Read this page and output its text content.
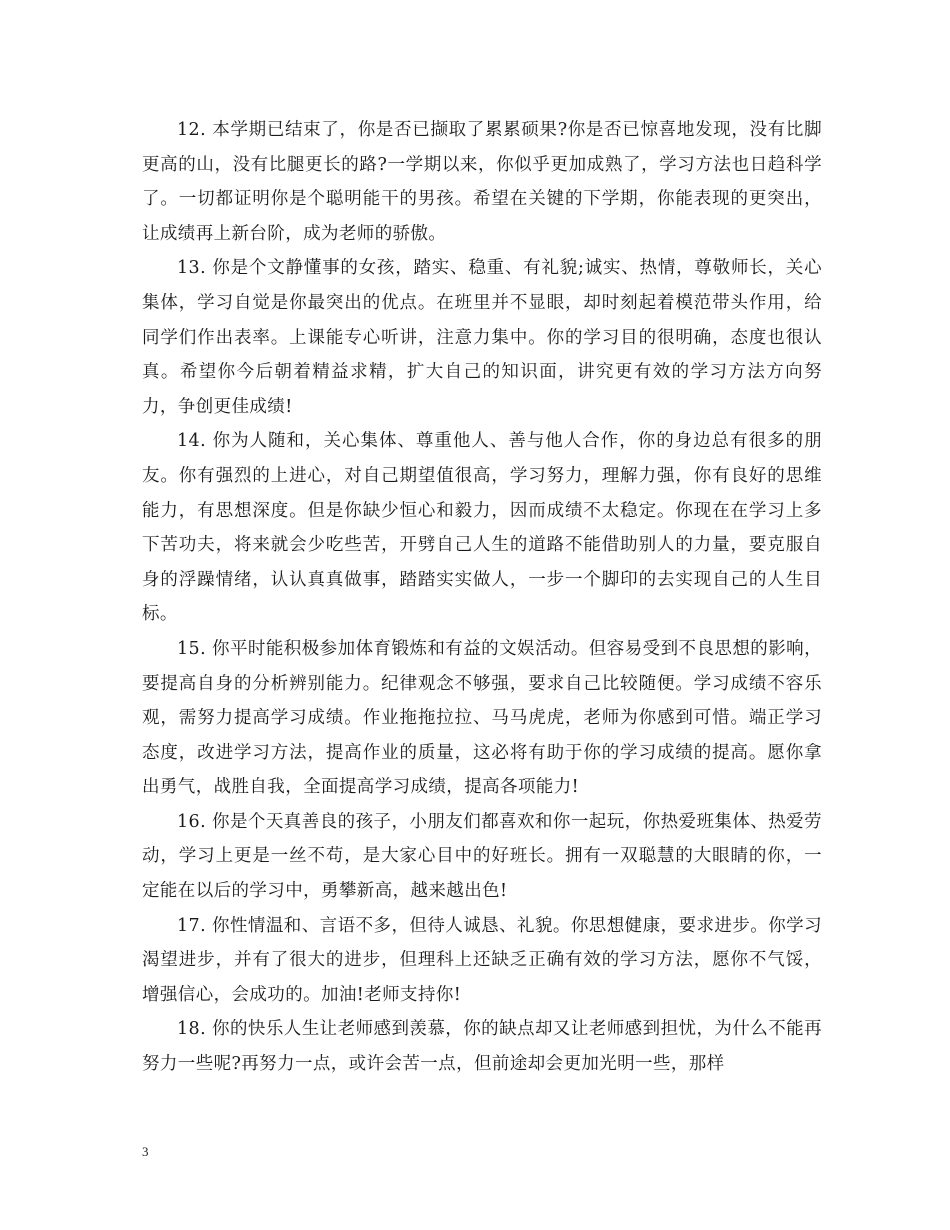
12. 本学期已结束了，你是否已撷取了累累硕果?你是否已惊喜地发现，没有比脚更高的山，没有比腿更长的路?一学期以来，你似乎更加成熟了，学习方法也日趋科学了。一切都证明你是个聪明能干的男孩。希望在关键的下学期，你能表现的更突出，让成绩再上新台阶，成为老师的骄傲。

13. 你是个文静懂事的女孩，踏实、稳重、有礼貌;诚实、热情，尊敬师长，关心集体，学习自觉是你最突出的优点。在班里并不显眼，却时刻起着模范带头作用，给同学们作出表率。上课能专心听讲，注意力集中。你的学习目的很明确，态度也很认真。希望你今后朝着精益求精，扩大自己的知识面，讲究更有效的学习方法方向努力，争创更佳成绩!

14. 你为人随和，关心集体、尊重他人、善与他人合作，你的身边总有很多的朋友。你有强烈的上进心，对自己期望值很高，学习努力，理解力强，你有良好的思维能力，有思想深度。但是你缺少恒心和毅力，因而成绩不太稳定。你现在在学习上多下苦功夫，将来就会少吃些苦，开劈自己人生的道路不能借助别人的力量，要克服自身的浮躁情绪，认认真真做事，踏踏实实做人，一步一个脚印的去实现自己的人生目标。

15. 你平时能积极参加体育锻炼和有益的文娱活动。但容易受到不良思想的影响，要提高自身的分析辨别能力。纪律观念不够强，要求自己比较随便。学习成绩不容乐观，需努力提高学习成绩。作业拖拖拉拉、马马虎虎，老师为你感到可惜。端正学习态度，改进学习方法，提高作业的质量，这必将有助于你的学习成绩的提高。愿你拿出勇气，战胜自我，全面提高学习成绩，提高各项能力!

16. 你是个天真善良的孩子，小朋友们都喜欢和你一起玩，你热爱班集体、热爱劳动，学习上更是一丝不苟，是大家心目中的好班长。拥有一双聪慧的大眼睛的你，一定能在以后的学习中，勇攀新高，越来越出色!

17. 你性情温和、言语不多，但待人诚恳、礼貌。你思想健康，要求进步。你学习渴望进步，并有了很大的进步，但理科上还缺乏正确有效的学习方法，愿你不气馁，增强信心，会成功的。加油!老师支持你!

18. 你的快乐人生让老师感到羡慕，你的缺点却又让老师感到担忧，为什么不能再努力一些呢?再努力一点，或许会苦一点，但前途却会更加光明一些，那样

3
